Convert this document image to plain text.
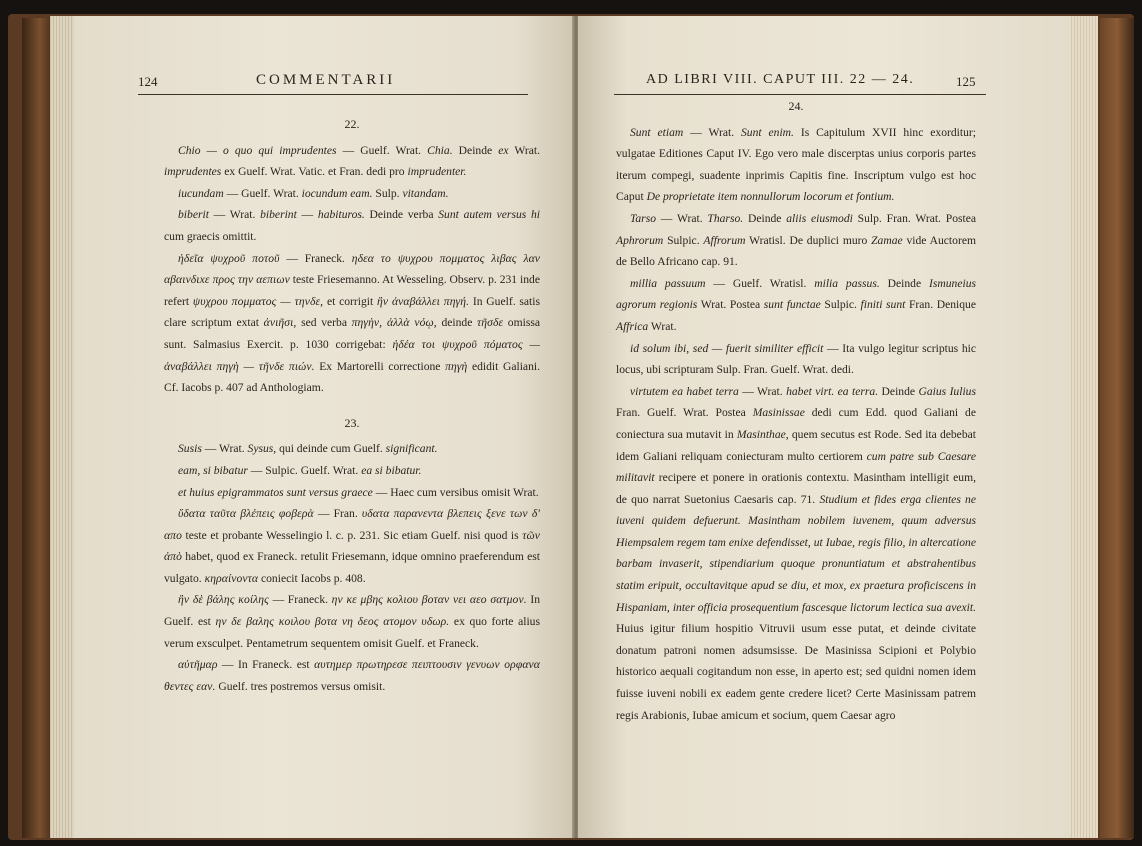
124	COMMENTARII

22.

Chio — o quo qui imprudentes — Guelf. Wrat. Chia. Deinde ex Wrat. imprudentes ex Guelf. Wrat. Vatic. et Fran. dedi pro imprudenter.

iucundam — Guelf. Wrat. iocundum eam. Sulp. vitandam.

biberit — Wrat. biberint — habituros. Deinde verba Sunt autem versus hi cum graecis omittit.

ἡδεῖα ψυχροῦ ποτοῦ — Franeck. ηδεα το ψυχρου πομματος λιβας λαν αβαινδιxε προς την αεπιων teste Friesemanno. At Wesseling. Observ. p. 231 inde refert ψυχρου πομματος — τηνδε, et corrigit ἣν ἀναβάλλει πηγή. In Guelf. satis clare scriptum extat ἀνιῆσι, sed verba πηγὴν, ἀλλὰ νόῳ, deinde τῆσδε omissa sunt. Salmasius Exercit. p. 1030 corrigebat: ἡδέα τοι ψυχροῦ πόματος — ἀναβάλλει πηγὴ — τῆνδε πιών. Ex Martorelli correctione πηγὴ edidit Galiani. Cf. Iacobs p. 407 ad Anthologiam.

23.

Susis — Wrat. Sysus, qui deinde cum Guelf. significant.

eam, si bibatur — Sulpic. Guelf. Wrat. ea si bibatur.

et huius epigrammatos sunt versus graece — Haec cum versibus omisit Wrat.

ὕδατα ταῦτα βλέπεις φοβερὰ — Fran. υδατα παρανεντα βλεπεις ξενε των δ' απο teste et probante Wesselingio l. c. p. 231. Sic etiam Guelf. nisi quod is τῶν ἀπὸ habet, quod ex Franeck. retulit Friesemann, idque omnino praeferendum est vulgato. κηραίνοντα coniecit Iacobs p. 408.

ἣν δὲ βάλης κοίλης — Franeck. ην κε μβης κολιου βοταν νει αεο σατμον. In Guelf. est ην δε βαλης κοιλου βοτα νη δεος ατομον υδωρ. ex quo forte alius verum exsculpet. Pentametrum sequentem omisit Guelf. et Franeck.

αὐτῆμαρ — In Franeck. est αυτημερ πρωτηρεσε πειπτουσιν γενυων ορφανα θεντες εαν. Guelf. tres postremos versus omisit.

AD LIBRI VIII. CAPUT III. 22 — 24.	125

24.

Sunt etiam — Wrat. Sunt enim. Is Capitulum XVII hinc exorditur; vulgatae Editiones Caput IV. Ego vero male discerptas unius corporis partes iterum compegi, suadente inprimis Capitis fine. Inscriptum vulgo est hoc Caput De proprietate item nonnullorum locorum et fontium.

Tarso — Wrat. Tharso. Deinde aliis eiusmodi Sulp. Fran. Wrat. Postea Aphrorum Sulpic. Affrorum Wratisl. De duplici muro Zamae vide Auctorem de Bello Africano cap. 91.

millia passuum — Guelf. Wratisl. milia passus. Deinde Ismuneius agrorum regionis Wrat. Postea sunt functae Sulpic. finiti sunt Fran. Denique Affrica Wrat.

id solum ibi, sed — fuerit similiter efficit — Ita vulgo legitur scriptus hic locus, ubi scripturam Sulp. Fran. Guelf. Wrat. dedi.

virtutem ea habet terra — Wrat. habet virt. ea terra. Deinde Gaius Iulius Fran. Guelf. Wrat. Postea Masinissae dedi cum Edd. quod Galiani de coniectura sua mutavit in Masinthae, quem secutus est Rode. Sed ita debebat idem Galiani reliquam coniecturam multo certiorem cum patre sub Caesare militavit recipere et ponere in orationis contextu. Masintham intelligit eum, de quo narrat Suetonius Caesaris cap. 71. Studium et fides erga clientes ne iuveni quidem defuerunt. Masintham nobilem iuvenem, quum adversus Hiempsalem regem tam enixe defendisset, ut Iubae, regis filio, in altercatione barbam invaserit, stipendiarium quoque pronuntiatum et abstrahentibus statim eripuit, occultavitque apud se diu, et mox, ex praetura proficiscens in Hispaniam, inter officia prosequentium fascesque lictorum lectica sua avexit. Huius igitur filium hospitio Vitruvii usum esse putat, et deinde civitate donatum patroni nomen adsumsisse. De Masinissa Scipioni et Polybio historico aequali cogitandum non esse, in aperto est; sed quidni nomen idem fuisse iuveni nobili ex eadem gente credere licet? Certe Masinissam patrem regis Arabionis, Iubae amicum et socium, quem Caesar agro
